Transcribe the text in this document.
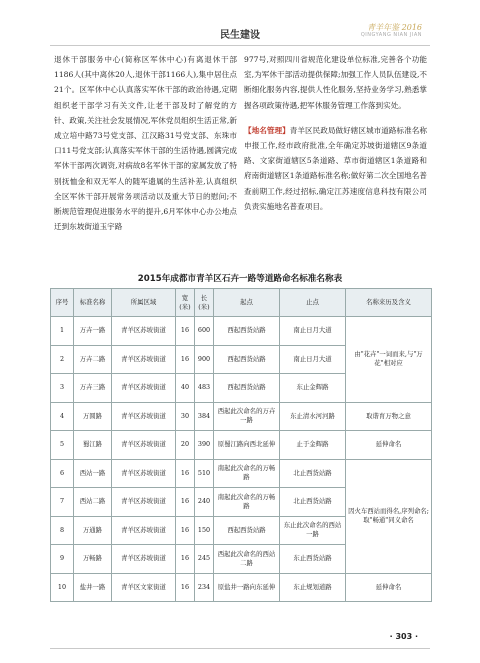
民生建设
青羊年鉴 2016
QINGYANG NIAN JIAN

退休干部服务中心(简称区军休中心)有离退休干部1186人(其中离休20人,退休干部1166人),集中居住点21个。区军休中心认真落实军休干部的政治待遇,定期组织老干部学习有关文件,让老干部及时了解党的方针、政策,关注社会发展情况,军休党员组织生活正常,新成立培中路73号党支部、江汉路31号党支部、东珠市口11号党支部;认真落实军休干部的生活待遇,圆满完成军休干部两次调资,对病故8名军休干部的家属发放了特别抚恤金和双无军人的随军遗属的生活补差,认真组织全区军休干部开展常务项活动以及重大节日的慰问;不断规范管理促进服务水平的提升,6月军休中心办公地点迁到东坡街道玉宇路

977号,对照四川省规范化建设单位标准,完善各个功能室,为军休干部活动提供保障;加强工作人员队伍建设,不断细化服务内容,提供人性化服务,坚持业务学习,熟悉掌握各项政策待遇,把军休服务管理工作落到实处。

【地名管理】青羊区民政局做好辖区城市道路标准名称申报工作,经市政府批准,全年确定苏坡街道辖区9条道路、文家街道辖区5条道路、草市街道辖区1条道路和府南街道辖区1条道路标准名称;做好第二次全国地名普查前期工作,经过招标,确定江苏速度信息科技有限公司负责实施地名普查项目。

2015年成都市青羊区石卉一路等道路命名标准名称表
序号	标准名称	所属区域	宽(米)	长(米)	起点	止点	名称来历及含义
1	万卉一路	青羊区苏坡街道	16	600	西起西货站路	南止日月大道	由"花卉"一词而来,与"万花"相对应
2	万卉二路	青羊区苏坡街道	16	900	西起西货站路	南止日月大道	
3	万卉三路	青羊区苏坡街道	40	483	西起西货站路	东止金辉路	
4	万圆路	青羊区苏坡街道	30	384	西起此次命名的万卉一路	东止清水河河路	取谐育万物之意
5	蜀江路	青羊区苏坡街道	20	390	原蜀江路向西北延伸	止于金辉路	延伸命名
6	西站一路	青羊区苏坡街道	16	510	南起此次命名的万畅路	北止西货站路	因火车西站而得名,序列命名;取"畅通"同义命名
7	西站二路	青羊区苏坡街道	16	240	南起此次命名的万畅路	北止西货站路	
8	万通路	青羊区苏坡街道	16	150	西起西货站路	东止此次命名的西站一路	
9	万畅路	青羊区苏坡街道	16	245	西起此次命名的西站二路	东止西货站路	
10	盐井一路	青羊区文家街道	16	234	原盐井一路向东延伸	东止规划道路	延伸命名
· 303 ·
